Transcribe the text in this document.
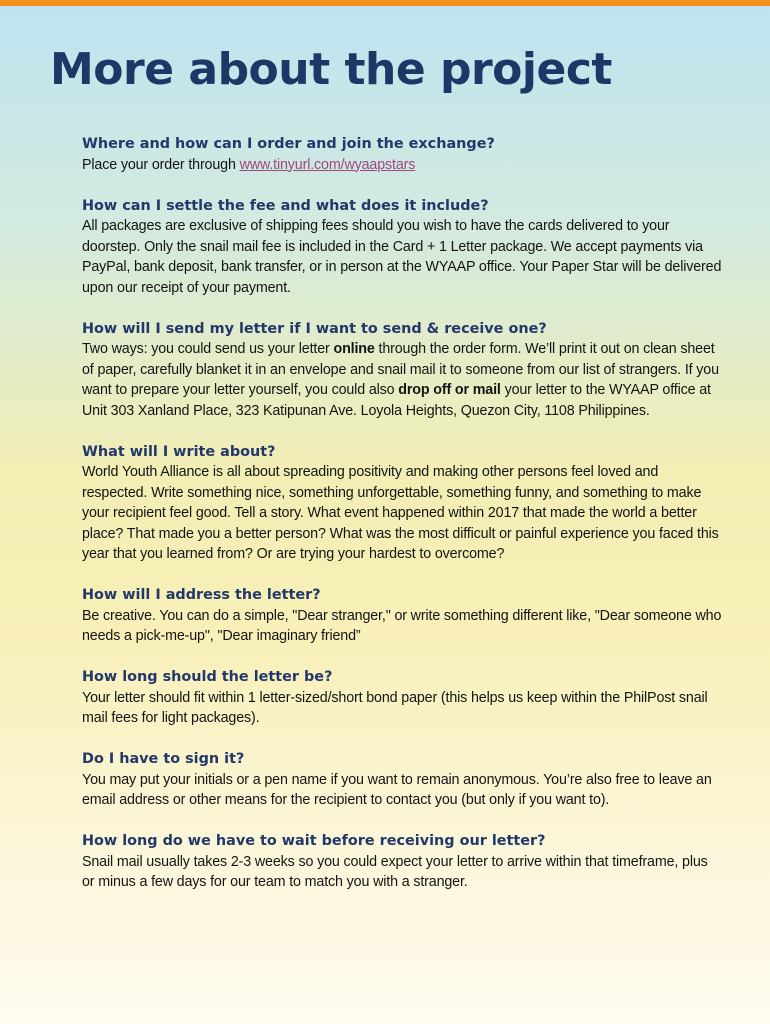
More about the project

Where and how can I order and join the exchange?

Place your order through www.tinyurl.com/wyaapstars

How can I settle the fee and what does it include?

All packages are exclusive of shipping fees should you wish to have the cards delivered to your doorstep. Only the snail mail fee is included in the Card + 1 Letter package. We accept payments via PayPal, bank deposit, bank transfer, or in person at the WYAAP office. Your Paper Star will be delivered upon our receipt of your payment.

How will I send my letter if I want to send & receive one?

Two ways: you could send us your letter online through the order form. We’ll print it out on clean sheet of paper, carefully blanket it in an envelope and snail mail it to someone from our list of strangers. If you want to prepare your letter yourself, you could also drop off or mail your letter to the WYAAP office at Unit 303 Xanland Place, 323 Katipunan Ave. Loyola Heights, Quezon City, 1108 Philippines.

What will I write about?

World Youth Alliance is all about spreading positivity and making other persons feel loved and respected. Write something nice, something unforgettable, something funny, and something to make your recipient feel good. Tell a story. What event happened within 2017 that made the world a better place? That made you a better person? What was the most difficult or painful experience you faced this year that you learned from? Or are trying your hardest to overcome?

How will I address the letter?

Be creative. You can do a simple, "Dear stranger," or write something different like, "Dear someone who needs a pick-me-up", "Dear imaginary friend”

How long should the letter be?

Your letter should fit within 1 letter-sized/short bond paper (this helps us keep within the PhilPost snail mail fees for light packages).

Do I have to sign it?

You may put your initials or a pen name if you want to remain anonymous. You’re also free to leave an email address or other means for the recipient to contact you (but only if you want to).

How long do we have to wait before receiving our letter?

Snail mail usually takes 2-3 weeks so you could expect your letter to arrive within that timeframe, plus or minus a few days for our team to match you with a stranger.
